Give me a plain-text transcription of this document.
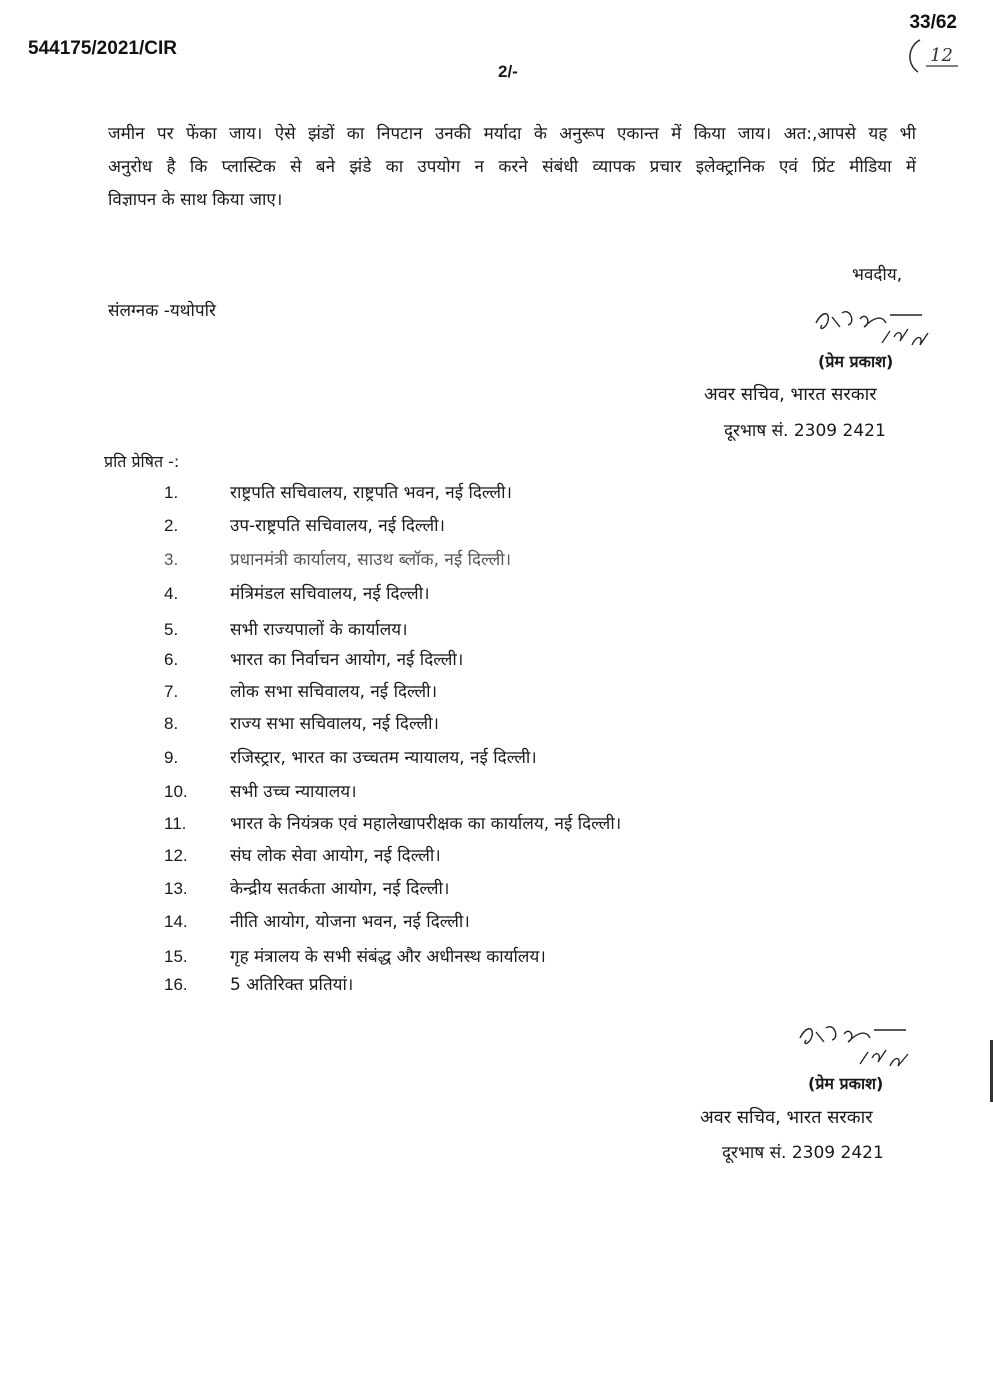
544175/2021/CIR
33/62
12
2/-
जमीन पर फेंका जाय। ऐसे झंडों का निपटान उनकी मर्यादा के अनुरूप एकान्त में किया जाय। अत:,आपसे यह भी
अनुरोध है कि प्लास्टिक से बने झंडे का उपयोग न करने संबंधी व्यापक प्रचार इलेक्ट्रानिक एवं प्रिंट मीडिया में
विज्ञापन के साथ किया जाए।
भवदीय,
संलग्नक -यथोपरि
(प्रेम प्रकाश)
अवर सचिव, भारत सरकार
दूरभाष सं. 2309 2421
प्रति प्रेषित -:
1.	राष्ट्रपति सचिवालय, राष्ट्रपति भवन, नई दिल्ली।
2.	उप-राष्ट्रपति सचिवालय, नई दिल्ली।
3.	प्रधानमंत्री कार्यालय, साउथ ब्लॉक, नई दिल्ली।
4.	मंत्रिमंडल सचिवालय, नई दिल्ली।
5.	सभी राज्यपालों के कार्यालय।
6.	भारत का निर्वाचन आयोग, नई दिल्ली।
7.	लोक सभा सचिवालय, नई दिल्ली।
8.	राज्य सभा सचिवालय, नई दिल्ली।
9.	रजिस्ट्रार, भारत का उच्चतम न्यायालय, नई दिल्ली।
10. सभी उच्च न्यायालय।
11.	भारत के नियंत्रक एवं महालेखापरीक्षक का कार्यालय, नई दिल्ली।
12. संघ लोक सेवा आयोग, नई दिल्ली।
13. केन्द्रीय सतर्कता आयोग, नई दिल्ली।
14. नीति आयोग, योजना भवन, नई दिल्ली।
15. गृह मंत्रालय के सभी संबंद्ध और अधीनस्थ कार्यालय।
16. 5 अतिरिक्त प्रतियां।
(प्रेम प्रकाश)
अवर सचिव, भारत सरकार
दूरभाष सं. 2309 2421
